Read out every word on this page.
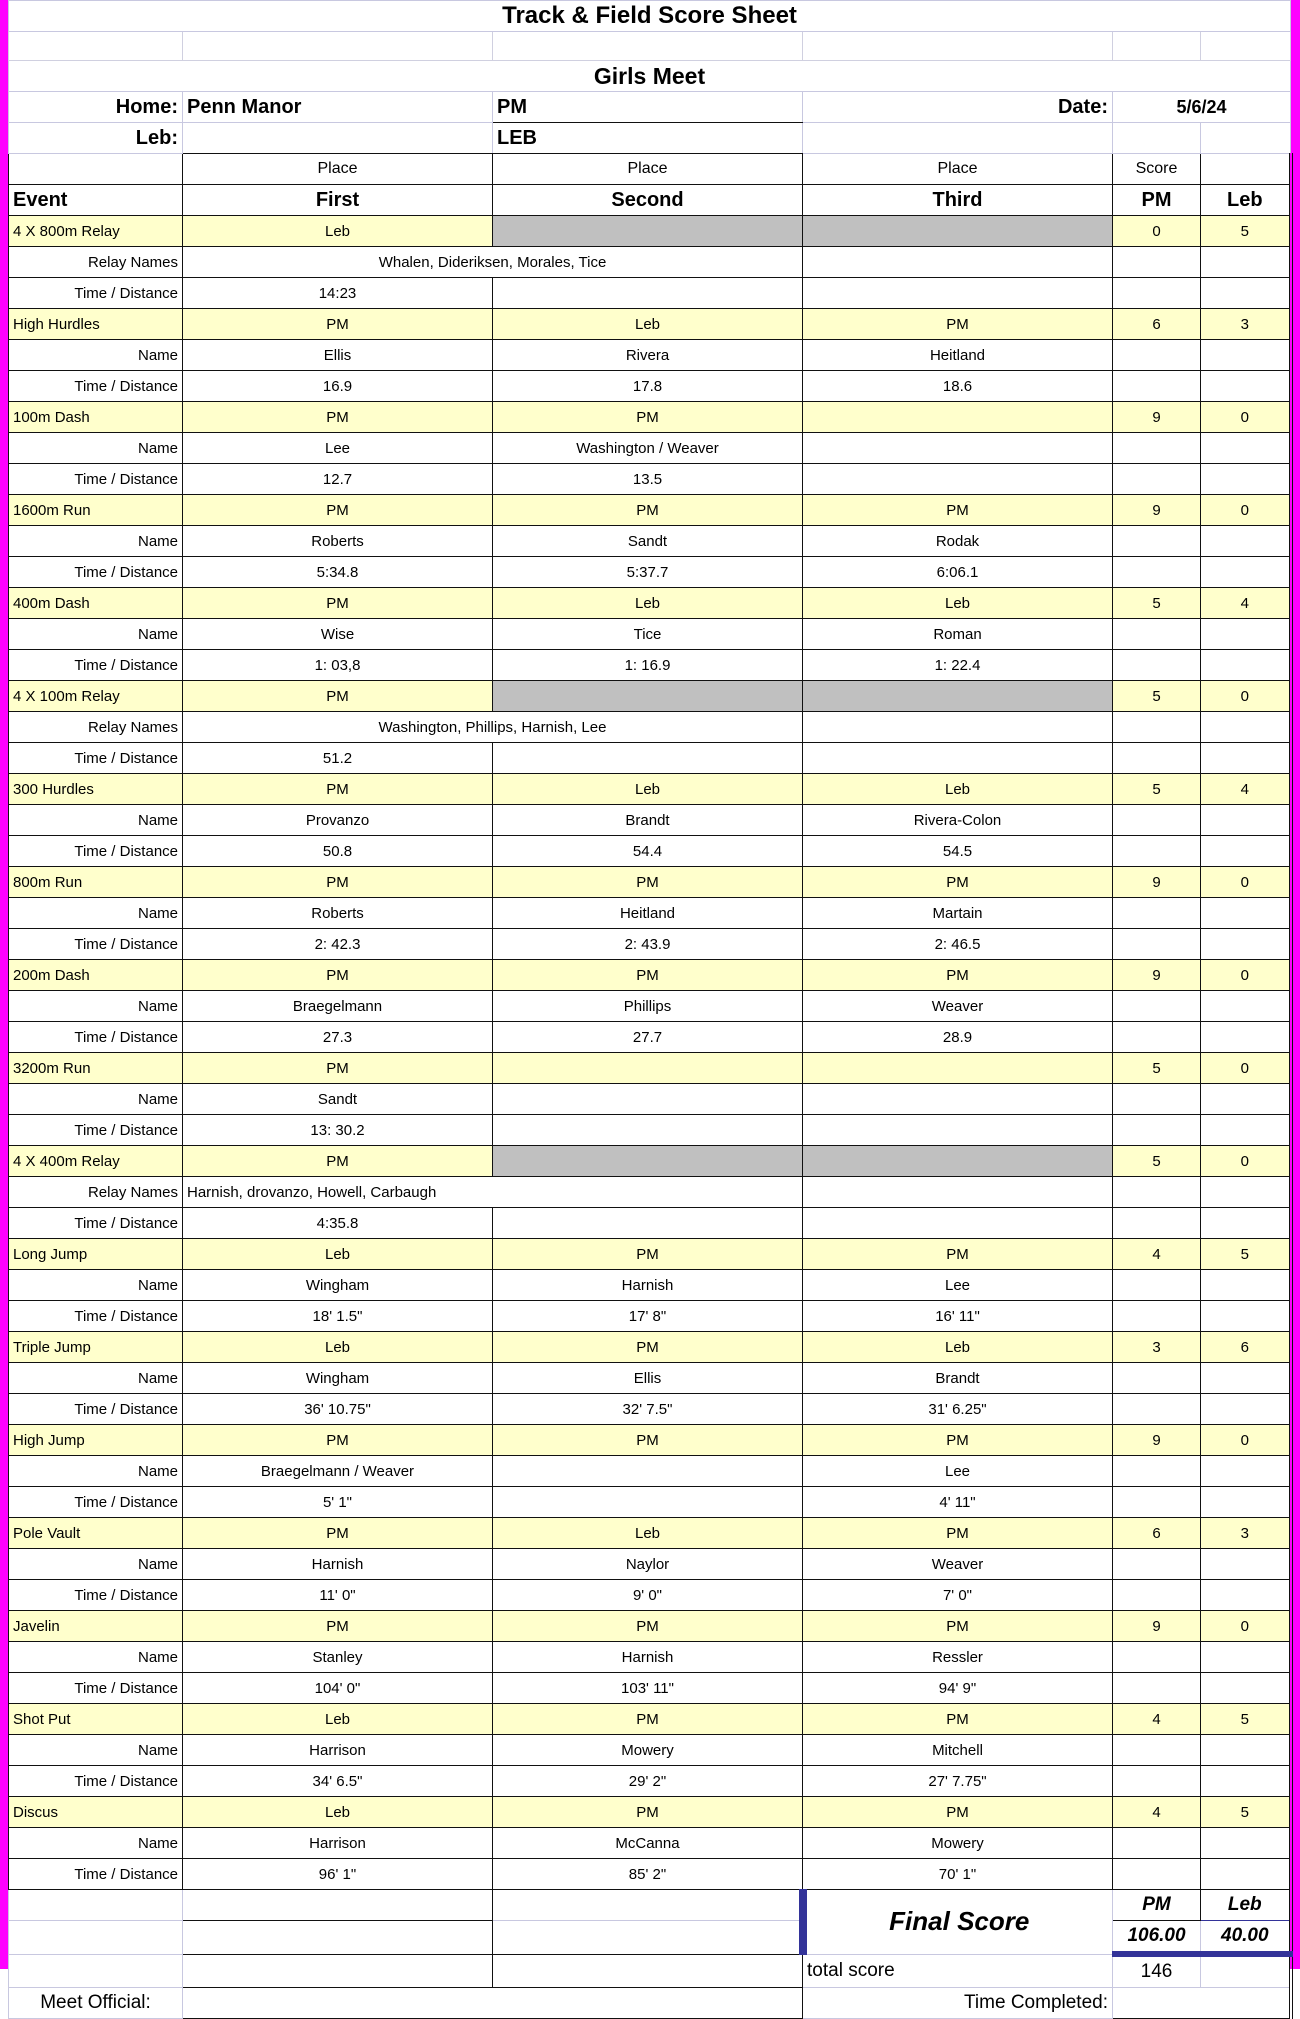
Track & Field Score Sheet					

Girls Meet					
Home:	Penn Manor	PM	Date:	5/6/24	
Leb:		LEB			
	Place	Place	Place	Score	
Event	First	Second	Third	PM	Leb
4 X 800m Relay	Leb			0	5
Relay Names	Whalen, Dideriksen, Morales, Tice				
Time / Distance	14:23				
High Hurdles	PM	Leb	PM	6	3
Name	Ellis	Rivera	Heitland		
Time / Distance	16.9	17.8	18.6		
100m Dash	PM	PM		9	0
Name	Lee	Washington / Weaver			
Time / Distance	12.7	13.5			
1600m Run	PM	PM	PM	9	0
Name	Roberts	Sandt	Rodak		
Time / Distance	5:34.8	5:37.7	6:06.1		
400m Dash	PM	Leb	Leb	5	4
Name	Wise	Tice	Roman		
Time / Distance	1: 03,8	1: 16.9	1: 22.4		
4 X 100m Relay	PM			5	0
Relay Names	Washington, Phillips, Harnish, Lee				
Time / Distance	51.2				
300 Hurdles	PM	Leb	Leb	5	4
Name	Provanzo	Brandt	Rivera-Colon		
Time / Distance	50.8	54.4	54.5		
800m Run	PM	PM	PM	9	0
Name	Roberts	Heitland	Martain		
Time / Distance	2: 42.3	2: 43.9	2: 46.5		
200m Dash	PM	PM	PM	9	0
Name	Braegelmann	Phillips	Weaver		
Time / Distance	27.3	27.7	28.9		
3200m Run	PM			5	0
Name	Sandt				
Time / Distance	13: 30.2				
4 X 400m Relay	PM			5	0
Relay Names	Harnish, drovanzo, Howell, Carbaugh				
Time / Distance	4:35.8				
Long Jump	Leb	PM	PM	4	5
Name	Wingham	Harnish	Lee		
Time / Distance	18' 1.5"	17' 8"	16' 11"		
Triple Jump	Leb	PM	Leb	3	6
Name	Wingham	Ellis	Brandt		
Time / Distance	36' 10.75"	32' 7.5"	31' 6.25"		
High Jump	PM	PM	PM	9	0
Name	Braegelmann / Weaver		Lee		
Time / Distance	5' 1"		4' 11"		
Pole Vault	PM	Leb	PM	6	3
Name	Harnish	Naylor	Weaver		
Time / Distance	11' 0"	9' 0"	7' 0"		
Javelin	PM	PM	PM	9	0
Name	Stanley	Harnish	Ressler		
Time / Distance	104' 0"	103' 11"	94' 9"		
Shot Put	Leb	PM	PM	4	5
Name	Harrison	Mowery	Mitchell		
Time / Distance	34' 6.5"	29' 2"	27' 7.75"		
Discus	Leb	PM	PM	4	5
Name	Harrison	McCanna	Mowery		
Time / Distance	96' 1"	85' 2"	70' 1"		
			Final Score	PM	Leb
				106.00	40.00
			total score	146	
Meet Official:			Time Completed:		
